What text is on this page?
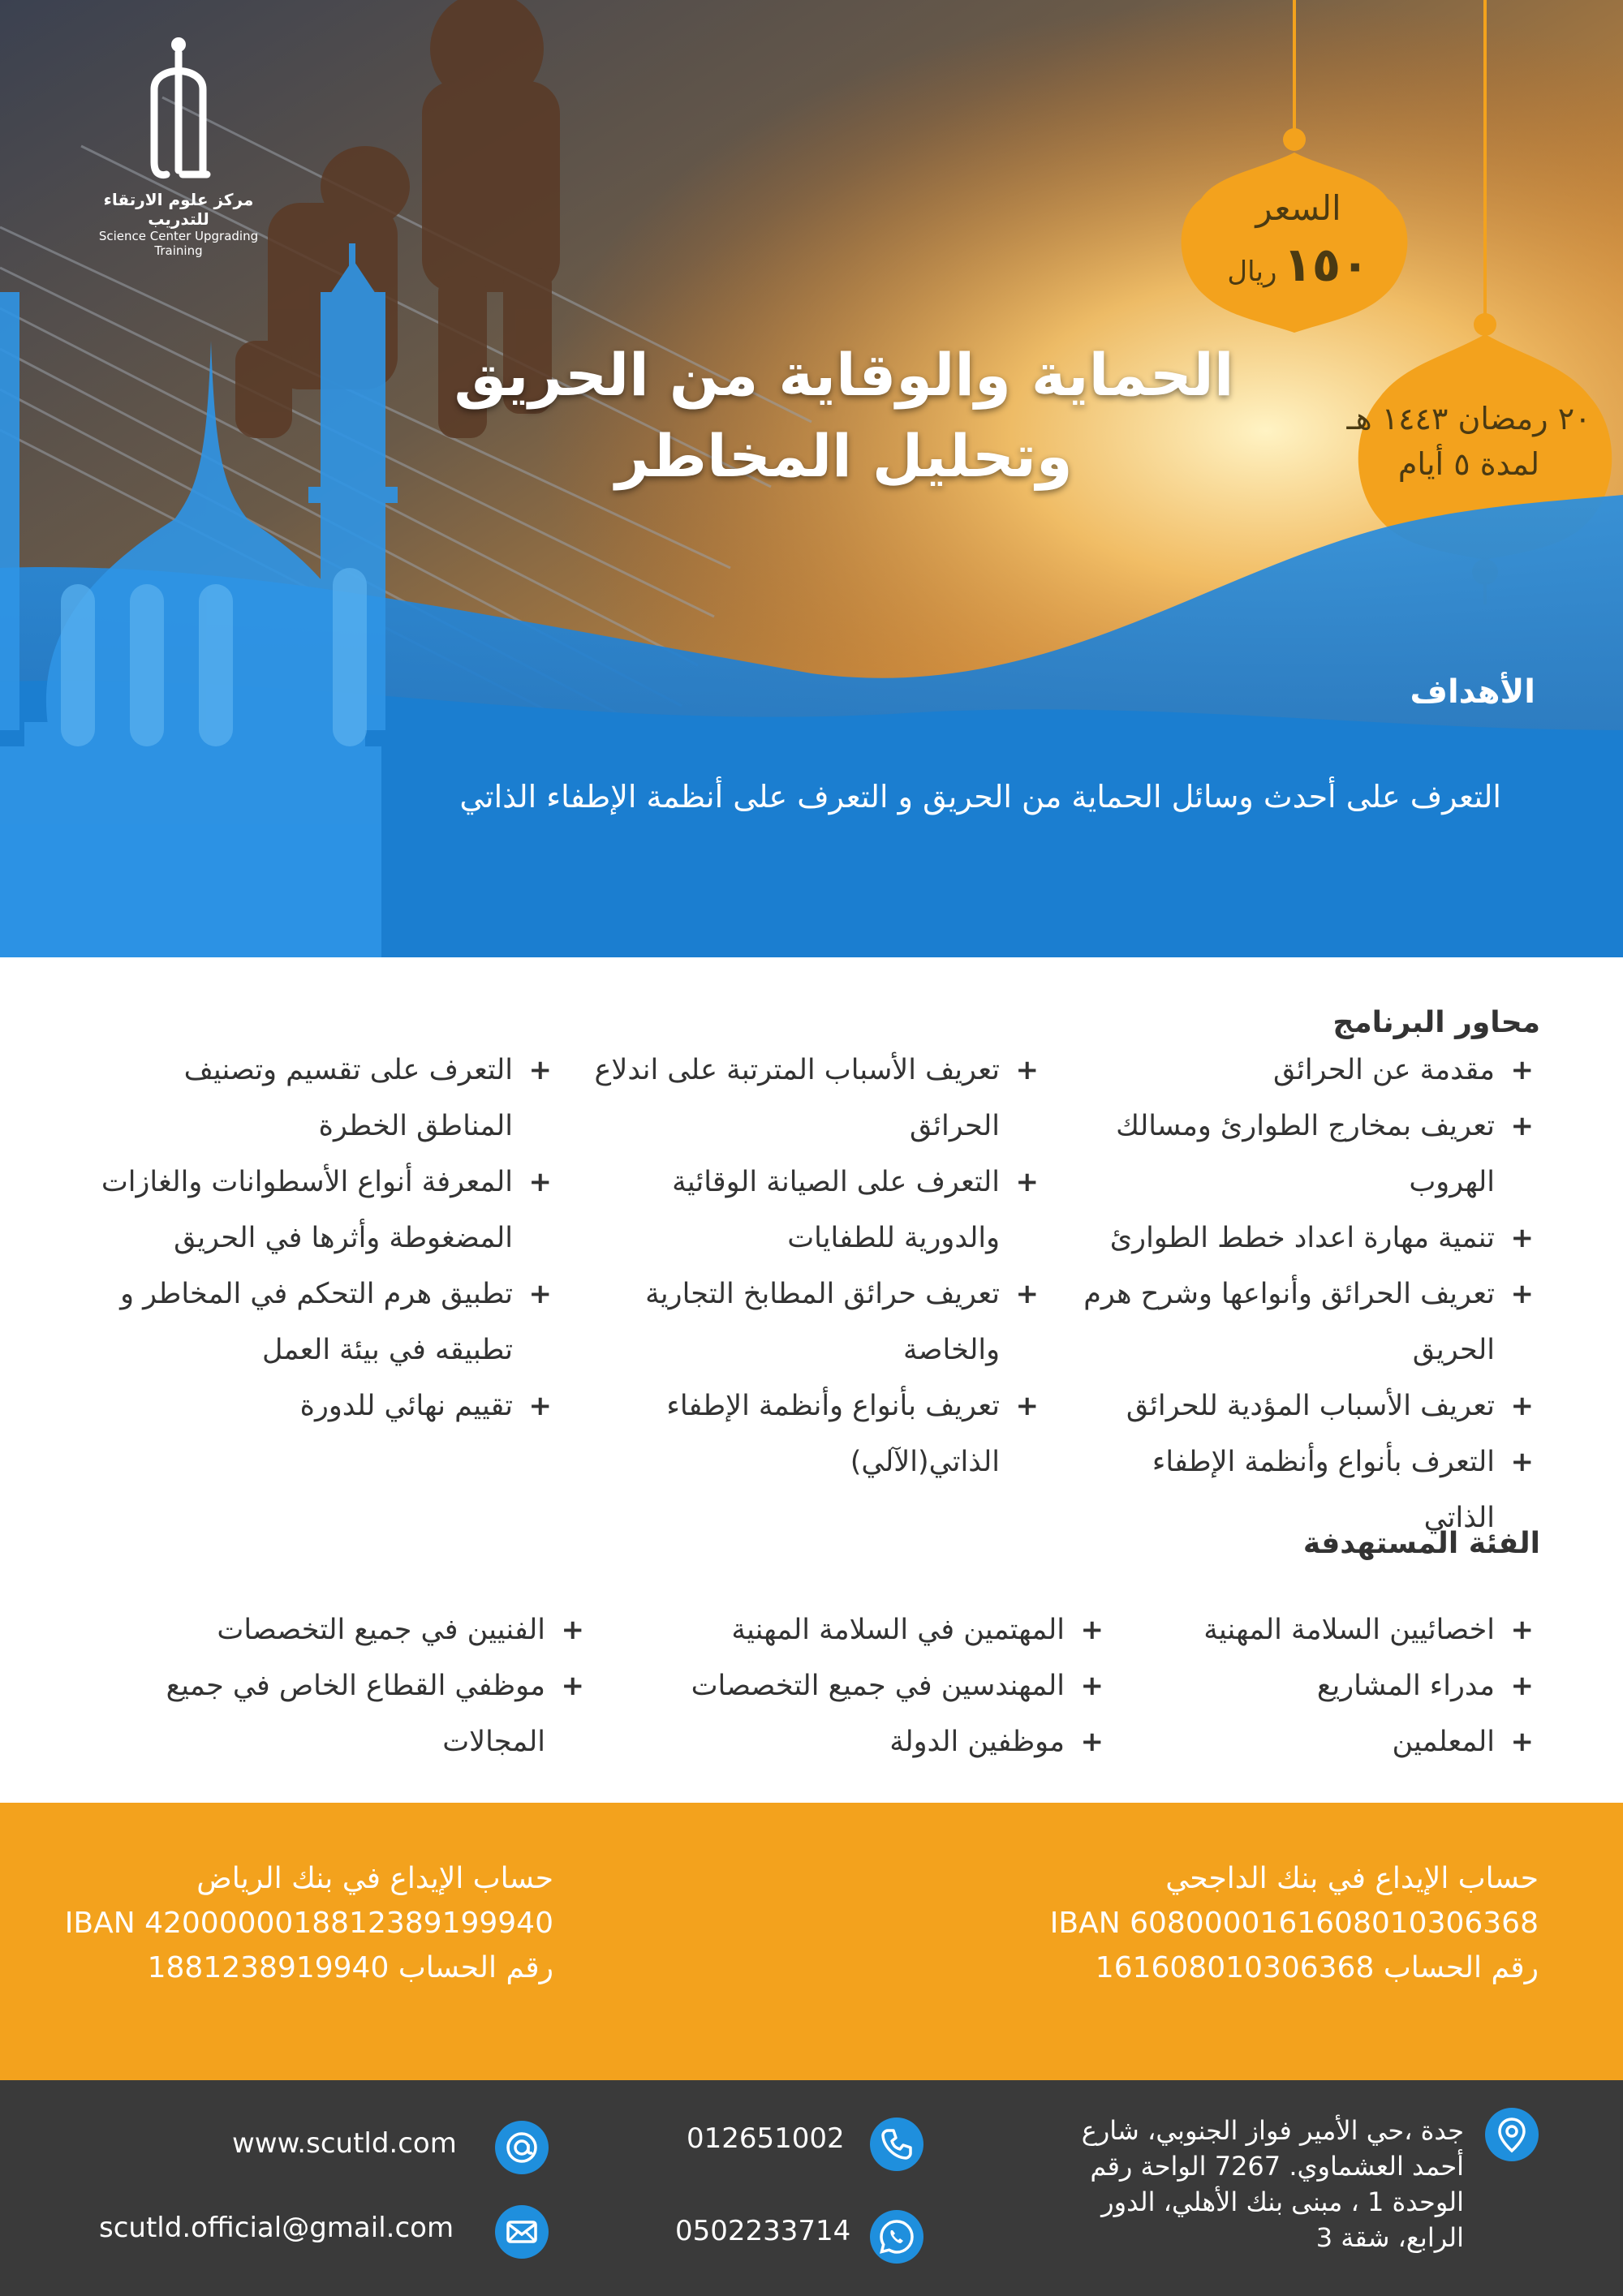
مركز علوم الارتقاء للتدريب
Science Center Upgrading Training
السعر
١٥٠ريال
٢٠ رمضان ١٤٤٣ هـ
لمدة ٥ أيام
الحماية والوقاية من الحريق
وتحليل المخاطر
الأهداف
التعرف على أحدث وسائل الحماية من الحريق و التعرف على أنظمة الإطفاء الذاتي
محاور البرنامج
+
مقدمة عن الحرائق
+
تعريف بمخارج الطوارئ ومسالك الهروب
+
تنمية مهارة اعداد خطط الطوارئ
+
تعريف الحرائق وأنواعها وشرح هرم الحريق
+
تعريف الأسباب المؤدية للحرائق
+
التعرف بأنواع وأنظمة الإطفاء الذاتي
+
تعريف الأسباب المترتبة على اندلاع الحرائق
+
التعرف على الصيانة الوقائية والدورية للطفايات
+
تعريف حرائق المطابخ التجارية والخاصة
+
تعريف بأنواع وأنظمة الإطفاء الذاتي(الآلي)
+
التعرف على تقسيم وتصنيف المناطق الخطرة
+
المعرفة أنواع الأسطوانات والغازات المضغوطة وأثرها في الحريق
+
تطبيق هرم التحكم في المخاطر و تطبيقه في بيئة العمل
+
تقييم نهائي للدورة
الفئة المستهدفة
+
اخصائيين السلامة المهنية
+
مدراء المشاريع
+
المعلمين
+
المهتمين في السلامة المهنية
+
المهندسين في جميع التخصصات
+
موظفين الدولة
+
الفنيين في جميع التخصصات
+
موظفي القطاع الخاص في جميع المجالات
حساب الإيداع في بنك الداجحي
IBAN 6080000161608010306368
رقم الحساب 161608010306368
حساب الإيداع في بنك الرياض
IBAN 4200000018812389199940
رقم الحساب 1881238919940
جدة ،حي الأمير فواز الجنوبي، شارع أحمد العشماوي. 7267 الواحة رقم الوحدة 1 ، مبنى بنك الأهلي، الدور الرابع، شقة 3
012651002
0502233714
www.scutld.com
scutld.official@gmail.com
